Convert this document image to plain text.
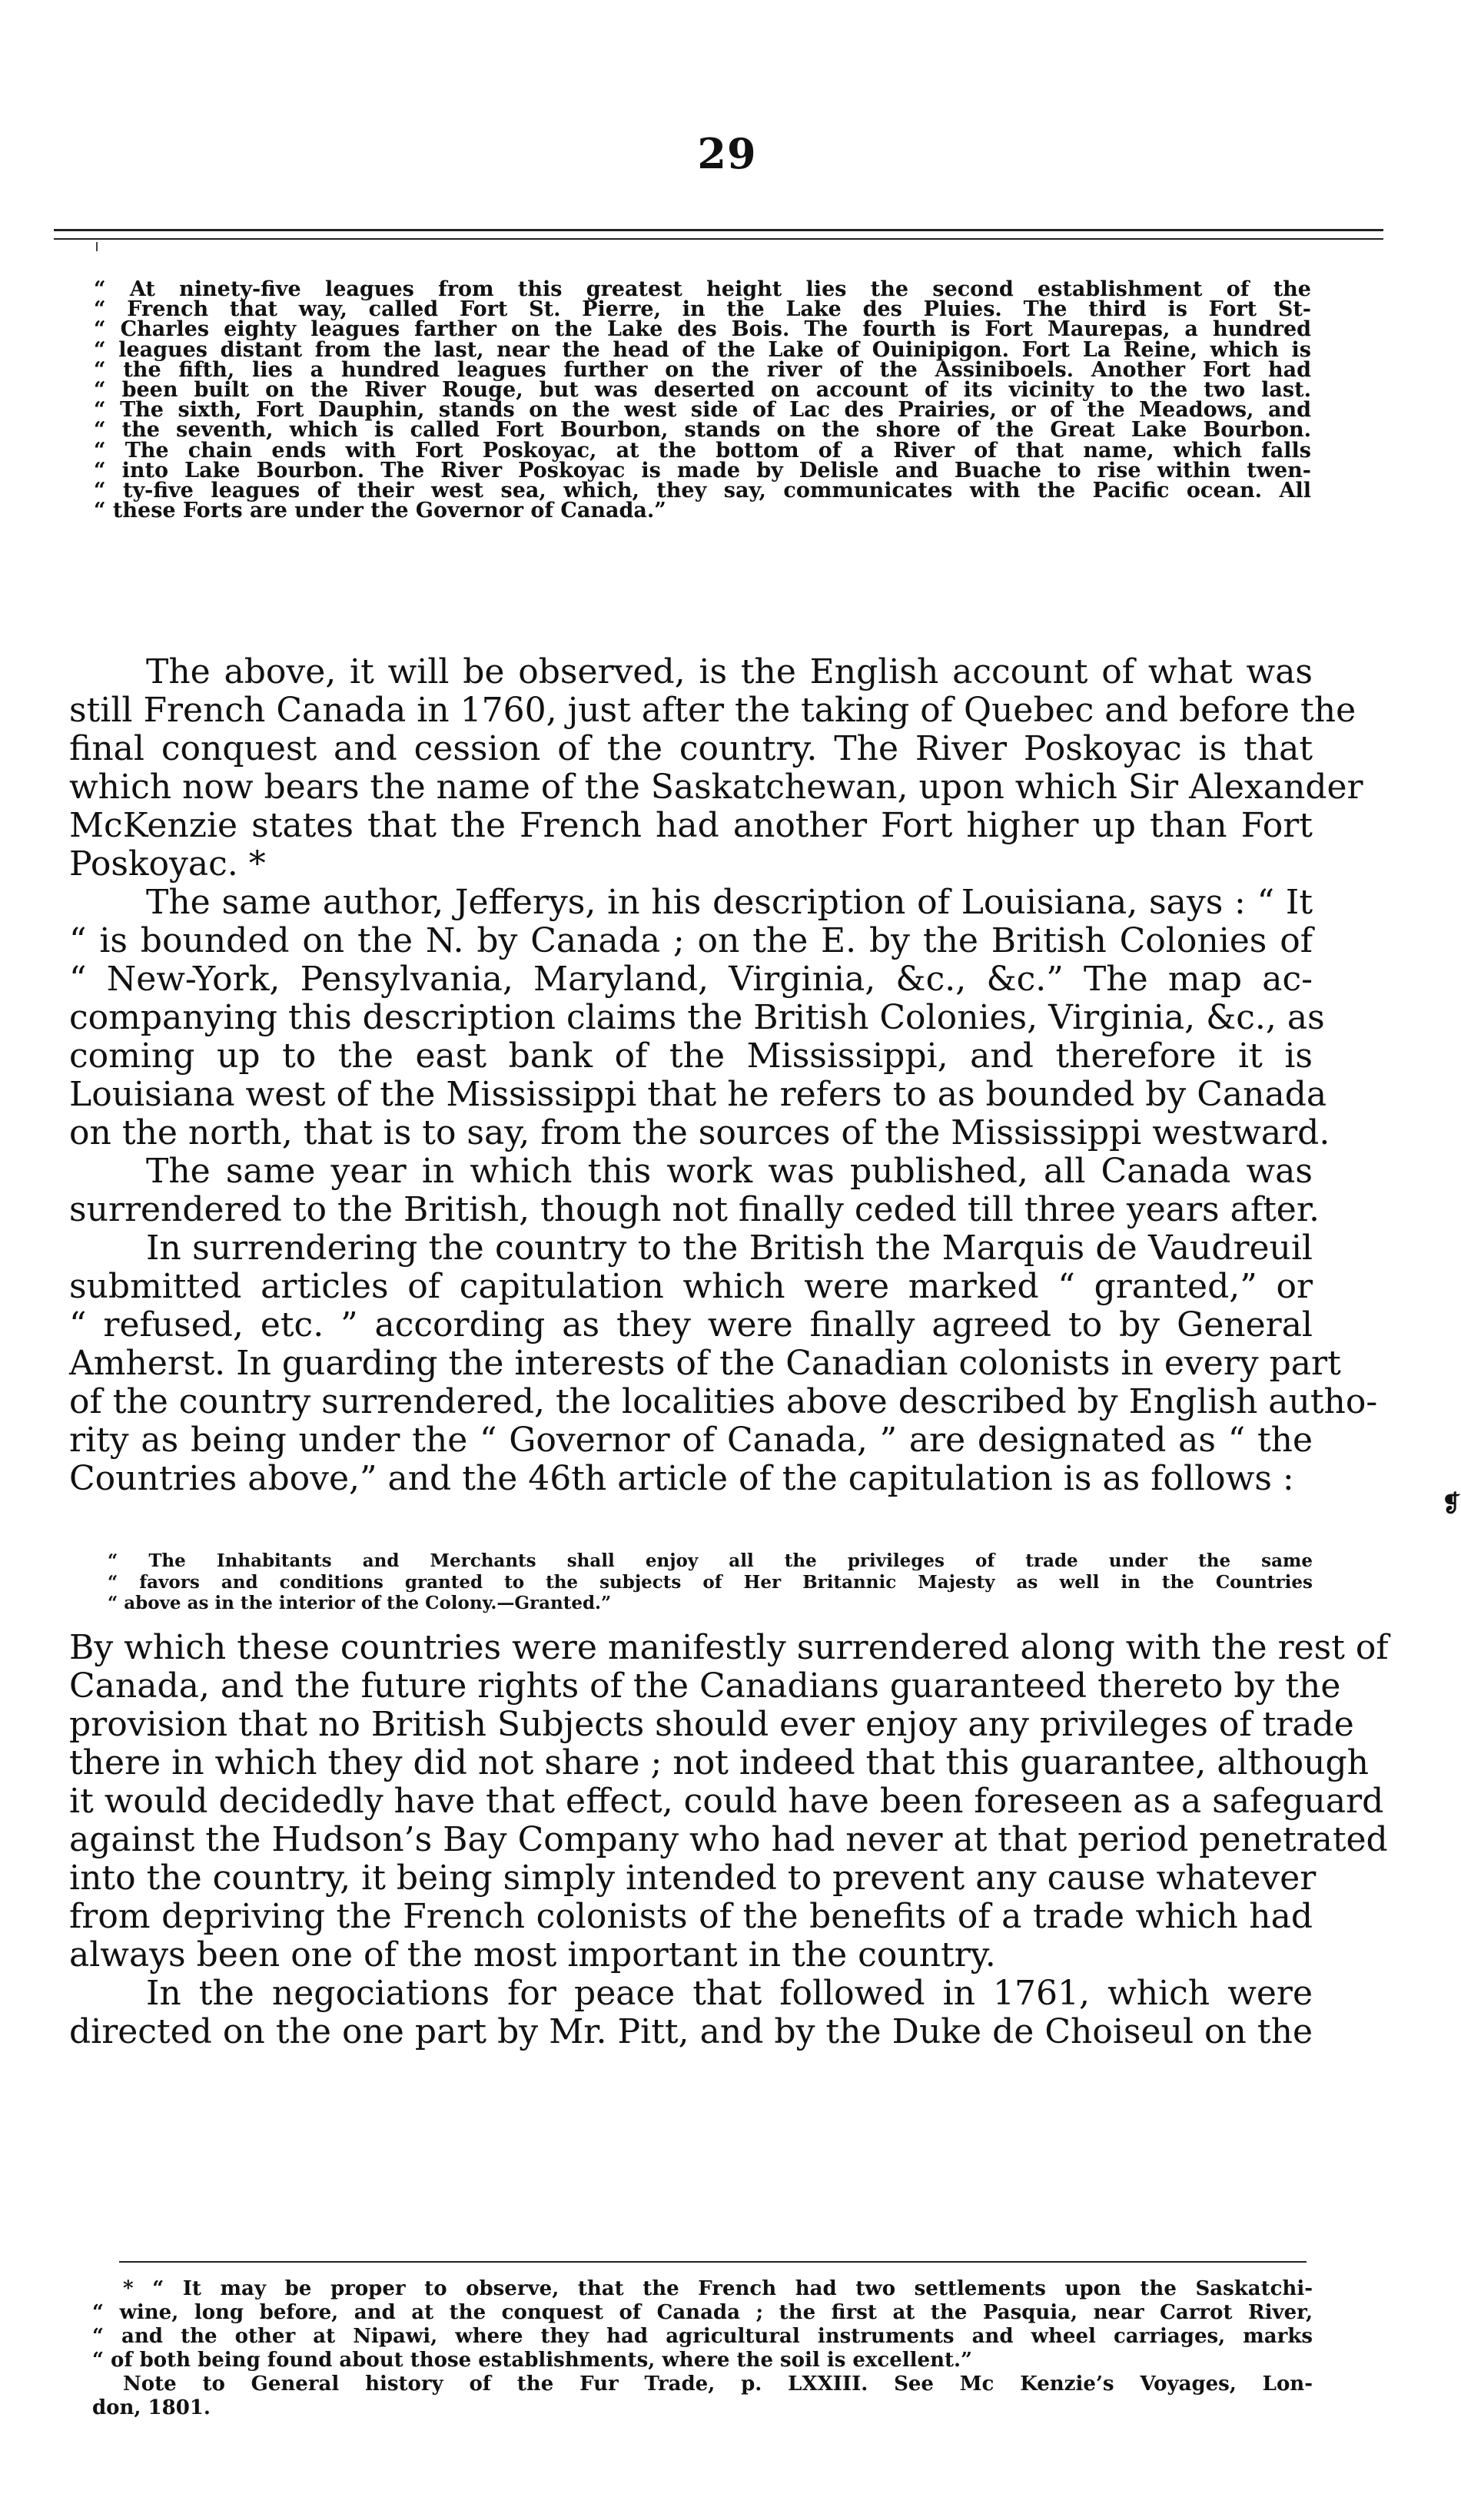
29
“ At ninety-five leagues from this greatest height lies the second establishment of the
“ French that way, called Fort St. Pierre, in the Lake des Pluies. The third is Fort St-
“ Charles eighty leagues farther on the Lake des Bois. The fourth is Fort Maurepas, a hundred
“ leagues distant from the last, near the head of the Lake of Ouinipigon. Fort La Reine, which is
“ the fifth, lies a hundred leagues further on the river of the Assiniboels. Another Fort had
“ been built on the River Rouge, but was deserted on account of its vicinity to the two last.
“ The sixth, Fort Dauphin, stands on the west side of Lac des Prairies, or of the Meadows, and
“ the seventh, which is called Fort Bourbon, stands on the shore of the Great Lake Bourbon.
“ The chain ends with Fort Poskoyac, at the bottom of a River of that name, which falls
“ into Lake Bourbon. The River Poskoyac is made by Delisle and Buache to rise within twen-
“ ty-five leagues of their west sea, which, they say, communicates with the Pacific ocean. All
“ these Forts are under the Governor of Canada.”
The above, it will be observed, is the English account of what was
still French Canada in 1760, just after the taking of Quebec and before the
final conquest and cession of the country. The River Poskoyac is that
which now bears the name of the Saskatchewan, upon which Sir Alexander
McKenzie states that the French had another Fort higher up than Fort
Poskoyac. *
The same author, Jefferys, in his description of Louisiana, says : “ It
“ is bounded on the N. by Canada ; on the E. by the British Colonies of
“ New-York, Pensylvania, Maryland, Virginia, &c., &c.” The map ac-
companying this description claims the British Colonies, Virginia, &c., as
coming up to the east bank of the Mississippi, and therefore it is
Louisiana west of the Mississippi that he refers to as bounded by Canada
on the north, that is to say, from the sources of the Mississippi westward.
The same year in which this work was published, all Canada was
surrendered to the British, though not finally ceded till three years after.
In surrendering the country to the British the Marquis de Vaudreuil
submitted articles of capitulation which were marked “ granted,” or
“ refused, etc. ” according as they were finally agreed to by General
Amherst. In guarding the interests of the Canadian colonists in every part
of the country surrendered, the localities above described by English autho-
rity as being under the “ Governor of Canada, ” are designated as “ the
Countries above,” and the 46th article of the capitulation is as follows :
❡
“ The Inhabitants and Merchants shall enjoy all the privileges of trade under the same
“ favors and conditions granted to the subjects of Her Britannic Majesty as well in the Countries
“ above as in the interior of the Colony.—Granted.”
By which these countries were manifestly surrendered along with the rest of
Canada, and the future rights of the Canadians guaranteed thereto by the
provision that no British Subjects should ever enjoy any privileges of trade
there in which they did not share ; not indeed that this guarantee, although
it would decidedly have that effect, could have been foreseen as a safeguard
against the Hudson’s Bay Company who had never at that period penetrated
into the country, it being simply intended to prevent any cause whatever
from depriving the French colonists of the benefits of a trade which had
always been one of the most important in the country.
In the negociations for peace that followed in 1761, which were
directed on the one part by Mr. Pitt, and by the Duke de Choiseul on the
* “ It may be proper to observe, that the French had two settlements upon the Saskatchi-
“ wine, long before, and at the conquest of Canada ; the first at the Pasquia, near Carrot River,
“ and the other at Nipawi, where they had agricultural instruments and wheel carriages, marks
“ of both being found about those establishments, where the soil is excellent.”
Note to General history of the Fur Trade, p. LXXIII. See Mc Kenzie’s Voyages, Lon-
don, 1801.
